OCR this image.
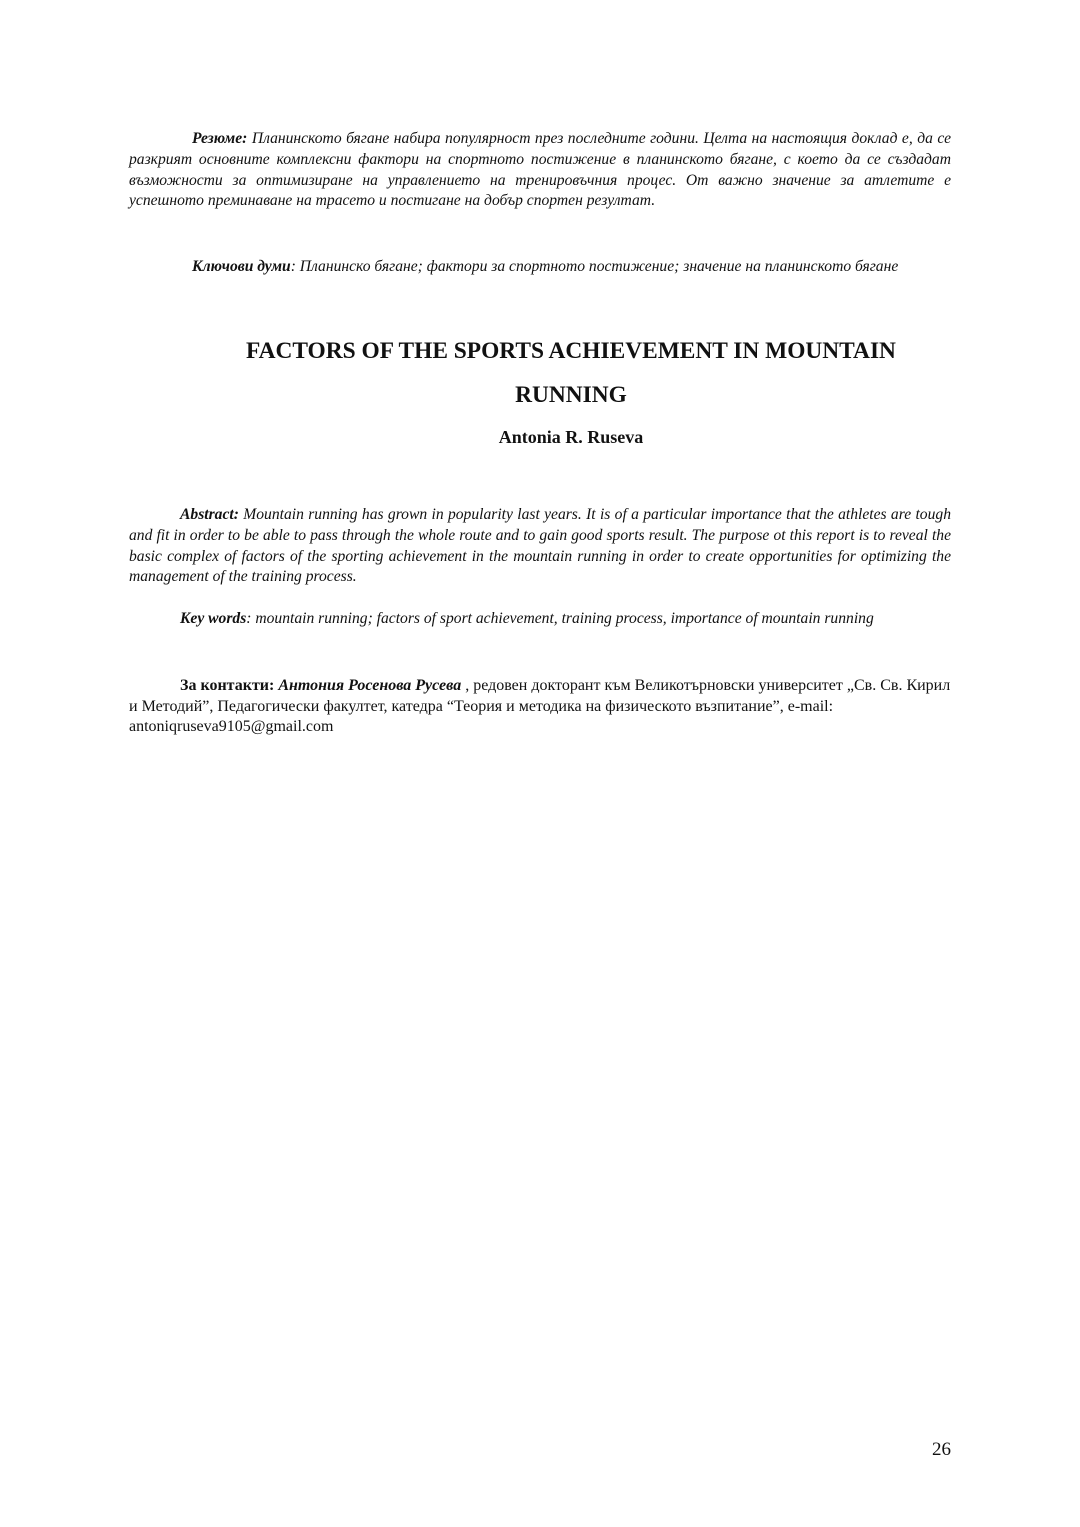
Резюме: Планинското бягане набира популярност през последните години. Целта на настоящия доклад е, да се разкрият основните комплексни фактори на спортното постижение в планинското бягане, с което да се създадат възможности за оптимизиране на управлението на тренировъчния процес. От важно значение за атлетите е успешното преминаване на трасето и постигане на добър спортен резултат.

Ключови думи: Планинско бягане; фактори за спортното постижение; значение на планинското бягане

FACTORS OF THE SPORTS ACHIEVEMENT IN MOUNTAIN
RUNNING
Antonia R. Ruseva

Abstract: Mountain running has grown in popularity last years. It is of a particular importance that the athletes are tough and fit in order to be able to pass through the whole route and to gain good sports result. The purpose ot this report is to reveal the basic complex of factors of the sporting achievement in the mountain running in order to create opportunities for optimizing the management of the training process.

Key words: mountain running; factors of sport achievement, training process, importance of mountain running

За контакти: Антония Росенова Русева , редовен докторант към Великотърновски университет „Св. Св. Кирил и Методий”, Педагогически факултет, катедра “Теория и методика на физическото възпитание”, e-mail: antoniqruseva9105@gmail.com

26
